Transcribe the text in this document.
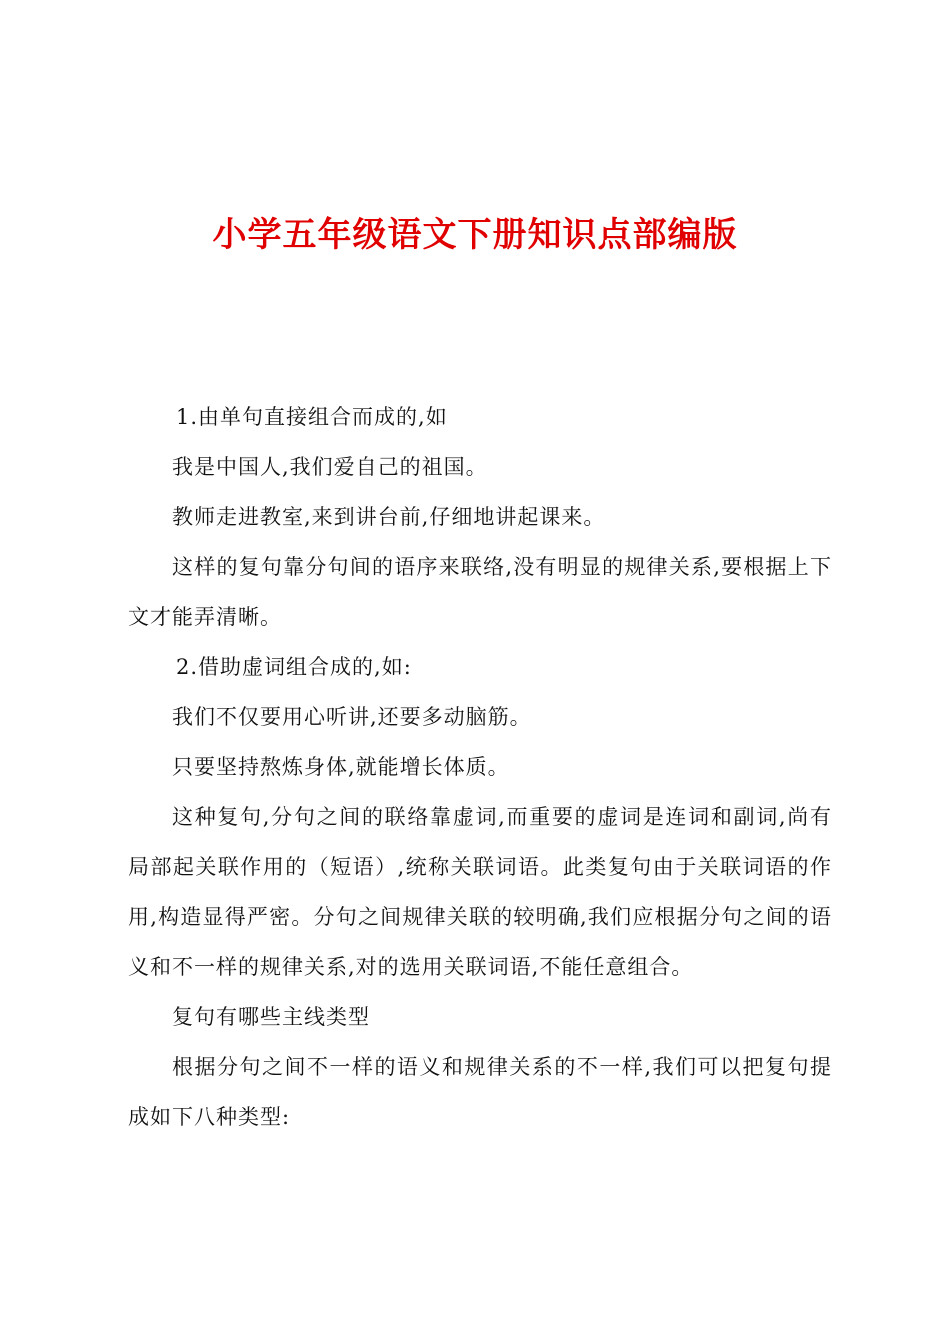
小学五年级语文下册知识点部编版

1.由单句直接组合而成的,如

我是中国人,我们爱自己的祖国。

教师走进教室,来到讲台前,仔细地讲起课来。

这样的复句靠分句间的语序来联络,没有明显的规律关系,要根据上下文才能弄清晰。

2.借助虚词组合成的,如:

我们不仅要用心听讲,还要多动脑筋。

只要坚持熬炼身体,就能增长体质。

这种复句,分句之间的联络靠虚词,而重要的虚词是连词和副词,尚有局部起关联作用的（短语）,统称关联词语。此类复句由于关联词语的作用,构造显得严密。分句之间规律关联的较明确,我们应根据分句之间的语义和不一样的规律关系,对的选用关联词语,不能任意组合。

复句有哪些主线类型

根据分句之间不一样的语义和规律关系的不一样,我们可以把复句提成如下八种类型:
